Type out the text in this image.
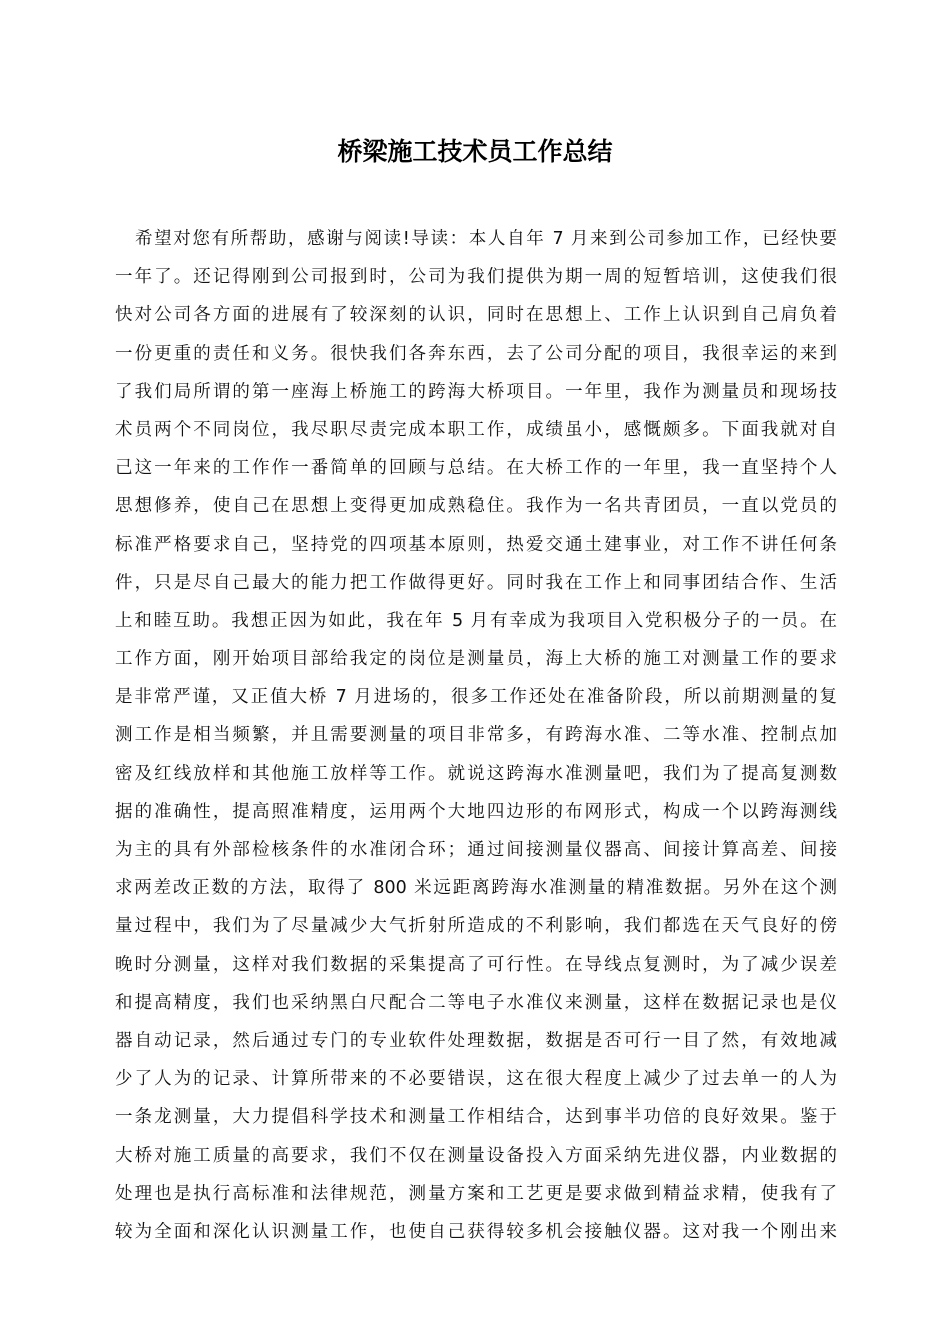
桥梁施工技术员工作总结
希望对您有所帮助，感谢与阅读!导读：本人自年 7 月来到公司参加工作，已经快要
一年了。还记得刚到公司报到时，公司为我们提供为期一周的短暂培训，这使我们很
快对公司各方面的进展有了较深刻的认识，同时在思想上、工作上认识到自己肩负着
一份更重的责任和义务。很快我们各奔东西，去了公司分配的项目，我很幸运的来到
了我们局所谓的第一座海上桥施工的跨海大桥项目。一年里，我作为测量员和现场技
术员两个不同岗位，我尽职尽责完成本职工作，成绩虽小，感慨颇多。下面我就对自
己这一年来的工作作一番简单的回顾与总结。在大桥工作的一年里，我一直坚持个人
思想修养，使自己在思想上变得更加成熟稳住。我作为一名共青团员，一直以党员的
标准严格要求自己，坚持党的四项基本原则，热爱交通土建事业，对工作不讲任何条
件，只是尽自己最大的能力把工作做得更好。同时我在工作上和同事团结合作、生活
上和睦互助。我想正因为如此，我在年 5 月有幸成为我项目入党积极分子的一员。在
工作方面，刚开始项目部给我定的岗位是测量员，海上大桥的施工对测量工作的要求
是非常严谨，又正值大桥 7 月进场的，很多工作还处在准备阶段，所以前期测量的复
测工作是相当频繁，并且需要测量的项目非常多，有跨海水准、二等水准、控制点加
密及红线放样和其他施工放样等工作。就说这跨海水准测量吧，我们为了提高复测数
据的准确性，提高照准精度，运用两个大地四边形的布网形式，构成一个以跨海测线
为主的具有外部检核条件的水准闭合环；通过间接测量仪器高、间接计算高差、间接
求两差改正数的方法，取得了 800 米远距离跨海水准测量的精准数据。另外在这个测
量过程中，我们为了尽量减少大气折射所造成的不利影响，我们都选在天气良好的傍
晚时分测量，这样对我们数据的采集提高了可行性。在导线点复测时，为了减少误差
和提高精度，我们也采纳黑白尺配合二等电子水准仪来测量，这样在数据记录也是仪
器自动记录，然后通过专门的专业软件处理数据，数据是否可行一目了然，有效地减
少了人为的记录、计算所带来的不必要错误，这在很大程度上减少了过去单一的人为
一条龙测量，大力提倡科学技术和测量工作相结合，达到事半功倍的良好效果。鉴于
大桥对施工质量的高要求，我们不仅在测量设备投入方面采纳先进仪器，内业数据的
处理也是执行高标准和法律规范，测量方案和工艺更是要求做到精益求精，使我有了
较为全面和深化认识测量工作，也使自己获得较多机会接触仪器。这对我一个刚出来
